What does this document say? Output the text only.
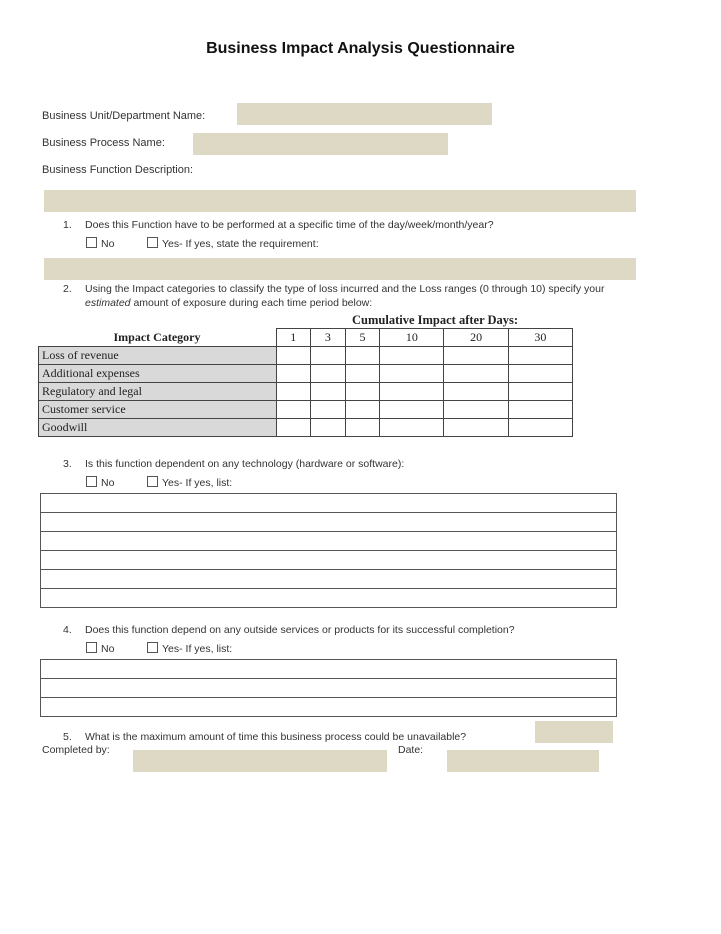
Business Impact Analysis Questionnaire
Business Unit/Department Name:
Business Process Name:
Business Function Description:
1. Does this Function have to be performed at a specific time of the day/week/month/year?
No	Yes- If yes, state the requirement:
2. Using the Impact categories to classify the type of loss incurred and the Loss ranges (0 through 10) specify your
estimated amount of exposure during each time period below:
Cumulative Impact after Days:
Impact Category	1	3	5	10	20	30
Loss of revenue						
Additional expenses						
Regulatory and legal						
Customer service						
Goodwill						
3. Is this function dependent on any technology (hardware or software):
No	Yes- If yes, list:

4. Does this function depend on any outside services or products for its successful completion?
No	Yes- If yes, list:

5. What is the maximum amount of time this business process could be unavailable?
Completed by:	Date:
